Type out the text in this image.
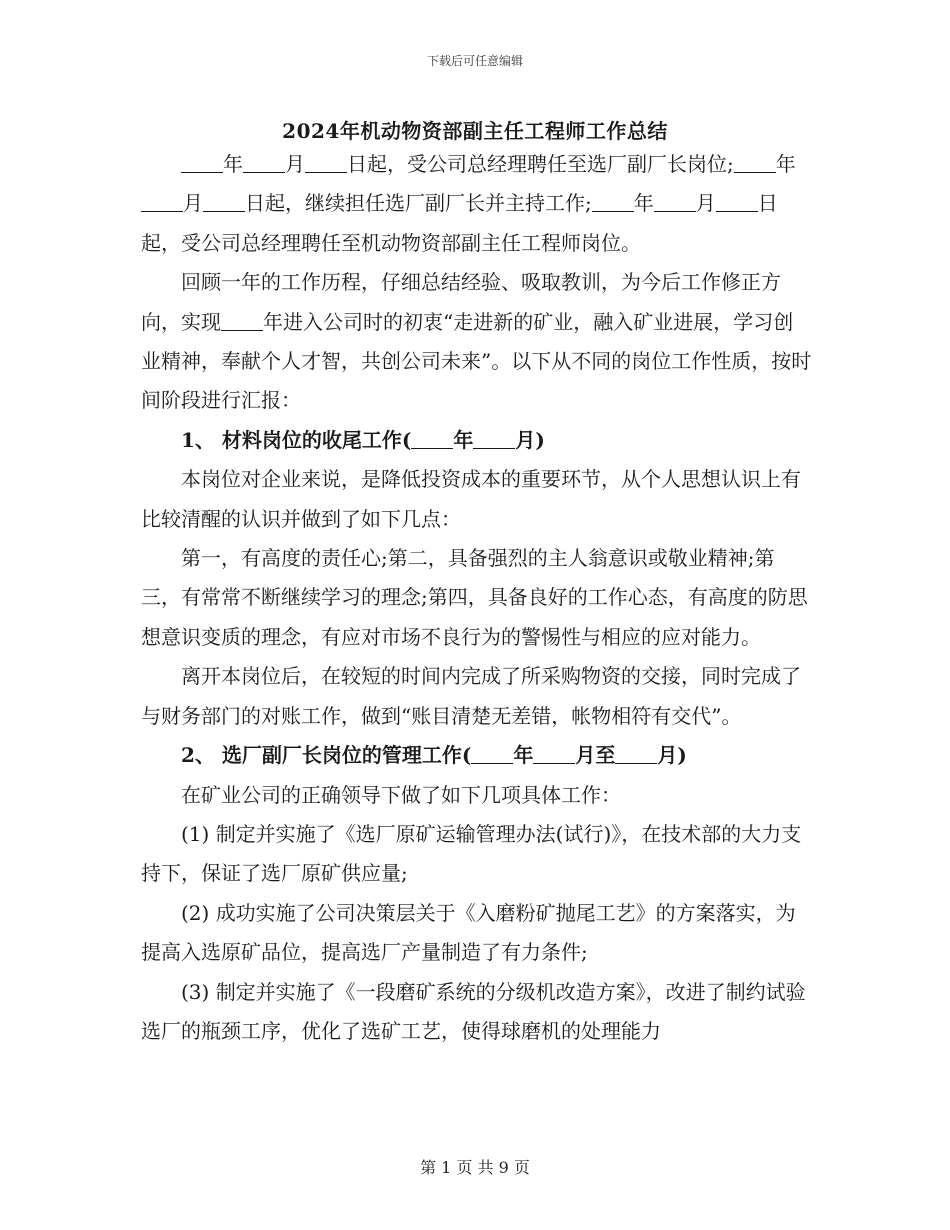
下载后可任意编辑
2024年机动物资部副主任工程师工作总结

年 月 日起，受公司总经理聘任至选厂副厂长岗位; 年月 日起，继续担任选厂副厂长并主持工作; 年 月 日起，受公司总经理聘任至机动物资部副主任工程师岗位。

回顾一年的工作历程，仔细总结经验、吸取教训，为今后工作修正方向，实现 年进入公司时的初衷“走进新的矿业，融入矿业进展，学习创业精神，奉献个人才智，共创公司未来”。以下从不同的岗位工作性质，按时间阶段进行汇报：

1、 材料岗位的收尾工作( 年 月)

本岗位对企业来说，是降低投资成本的重要环节，从个人思想认识上有比较清醒的认识并做到了如下几点：

第一，有高度的责任心;第二，具备强烈的主人翁意识或敬业精神;第三，有常常不断继续学习的理念;第四，具备良好的工作心态，有高度的防思想意识变质的理念，有应对市场不良行为的警惕性与相应的应对能力。

离开本岗位后，在较短的时间内完成了所采购物资的交接，同时完成了与财务部门的对账工作，做到“账目清楚无差错，帐物相符有交代”。

2、 选厂副厂长岗位的管理工作( 年 月至 月)

在矿业公司的正确领导下做了如下几项具体工作：

(1) 制定并实施了《选厂原矿运输管理办法(试行)》，在技术部的大力支持下，保证了选厂原矿供应量;

(2) 成功实施了公司决策层关于《入磨粉矿抛尾工艺》的方案落实，为提高入选原矿品位，提高选厂产量制造了有力条件;

(3) 制定并实施了《一段磨矿系统的分级机改造方案》，改进了制约试验选厂的瓶颈工序，优化了选矿工艺，使得球磨机的处理能力

第 1 页 共 9 页
